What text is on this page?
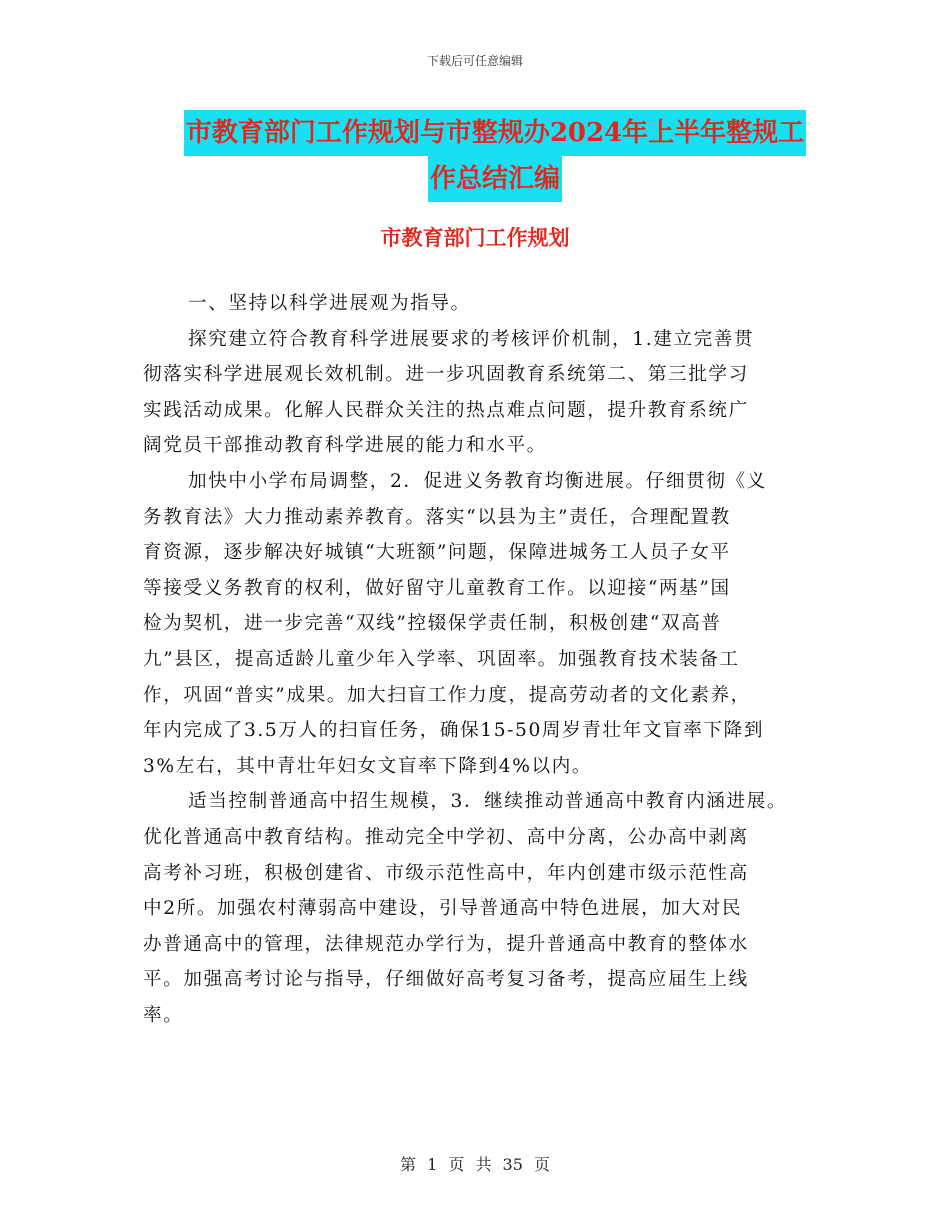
下载后可任意编辑
市教育部门工作规划与市整规办2024年上半年整规工
作总结汇编
市教育部门工作规划
一、坚持以科学进展观为指导。
探究建立符合教育科学进展要求的考核评价机制，1.建立完善贯
彻落实科学进展观长效机制。进一步巩固教育系统第二、第三批学习
实践活动成果。化解人民群众关注的热点难点问题，提升教育系统广
阔党员干部推动教育科学进展的能力和水平。
加快中小学布局调整，2．促进义务教育均衡进展。仔细贯彻《义
务教育法》大力推动素养教育。落实“以县为主”责任，合理配置教
育资源，逐步解决好城镇“大班额”问题，保障进城务工人员子女平
等接受义务教育的权利，做好留守儿童教育工作。以迎接“两基”国
检为契机，进一步完善“双线”控辍保学责任制，积极创建“双高普
九”县区，提高适龄儿童少年入学率、巩固率。加强教育技术装备工
作，巩固“普实”成果。加大扫盲工作力度，提高劳动者的文化素养，
年内完成了3.5万人的扫盲任务，确保15-50周岁青壮年文盲率下降到
3%左右，其中青壮年妇女文盲率下降到4%以内。
适当控制普通高中招生规模，3．继续推动普通高中教育内涵进展。
优化普通高中教育结构。推动完全中学初、高中分离，公办高中剥离
高考补习班，积极创建省、市级示范性高中，年内创建市级示范性高
中2所。加强农村薄弱高中建设，引导普通高中特色进展，加大对民
办普通高中的管理，法律规范办学行为，提升普通高中教育的整体水
平。加强高考讨论与指导，仔细做好高考复习备考，提高应届生上线
率。
第 1 页 共 35 页
